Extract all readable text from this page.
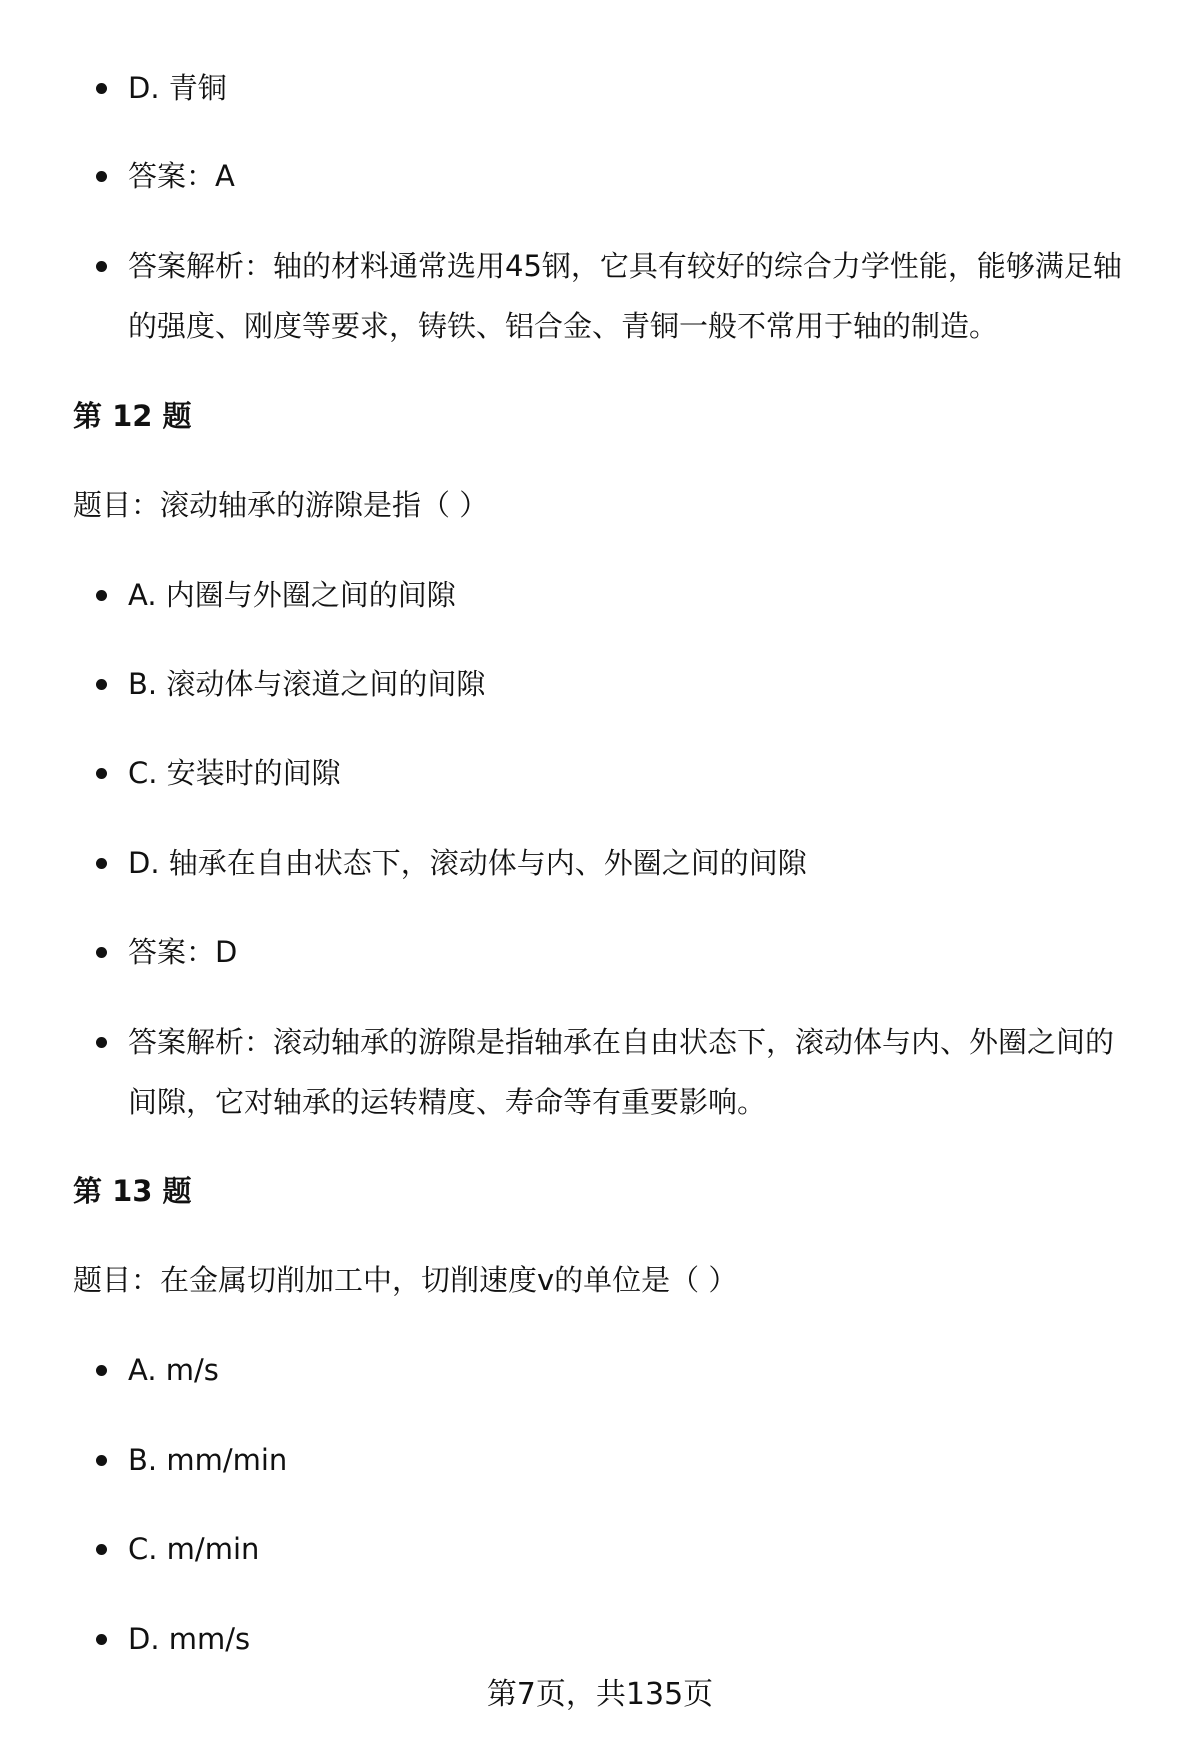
D. 青铜
答案：A
答案解析：轴的材料通常选用45钢，它具有较好的综合力学性能，能够满足轴
的强度、刚度等要求，铸铁、铝合金、青铜一般不常用于轴的制造。
第 12 题
题目：滚动轴承的游隙是指（ ）
A. 内圈与外圈之间的间隙
B. 滚动体与滚道之间的间隙
C. 安装时的间隙
D. 轴承在自由状态下，滚动体与内、外圈之间的间隙
答案：D
答案解析：滚动轴承的游隙是指轴承在自由状态下，滚动体与内、外圈之间的
间隙，它对轴承的运转精度、寿命等有重要影响。
第 13 题
题目：在金属切削加工中，切削速度v的单位是（ ）
A. m/s
B. mm/min
C. m/min
D. mm/s
第7页，共135页
